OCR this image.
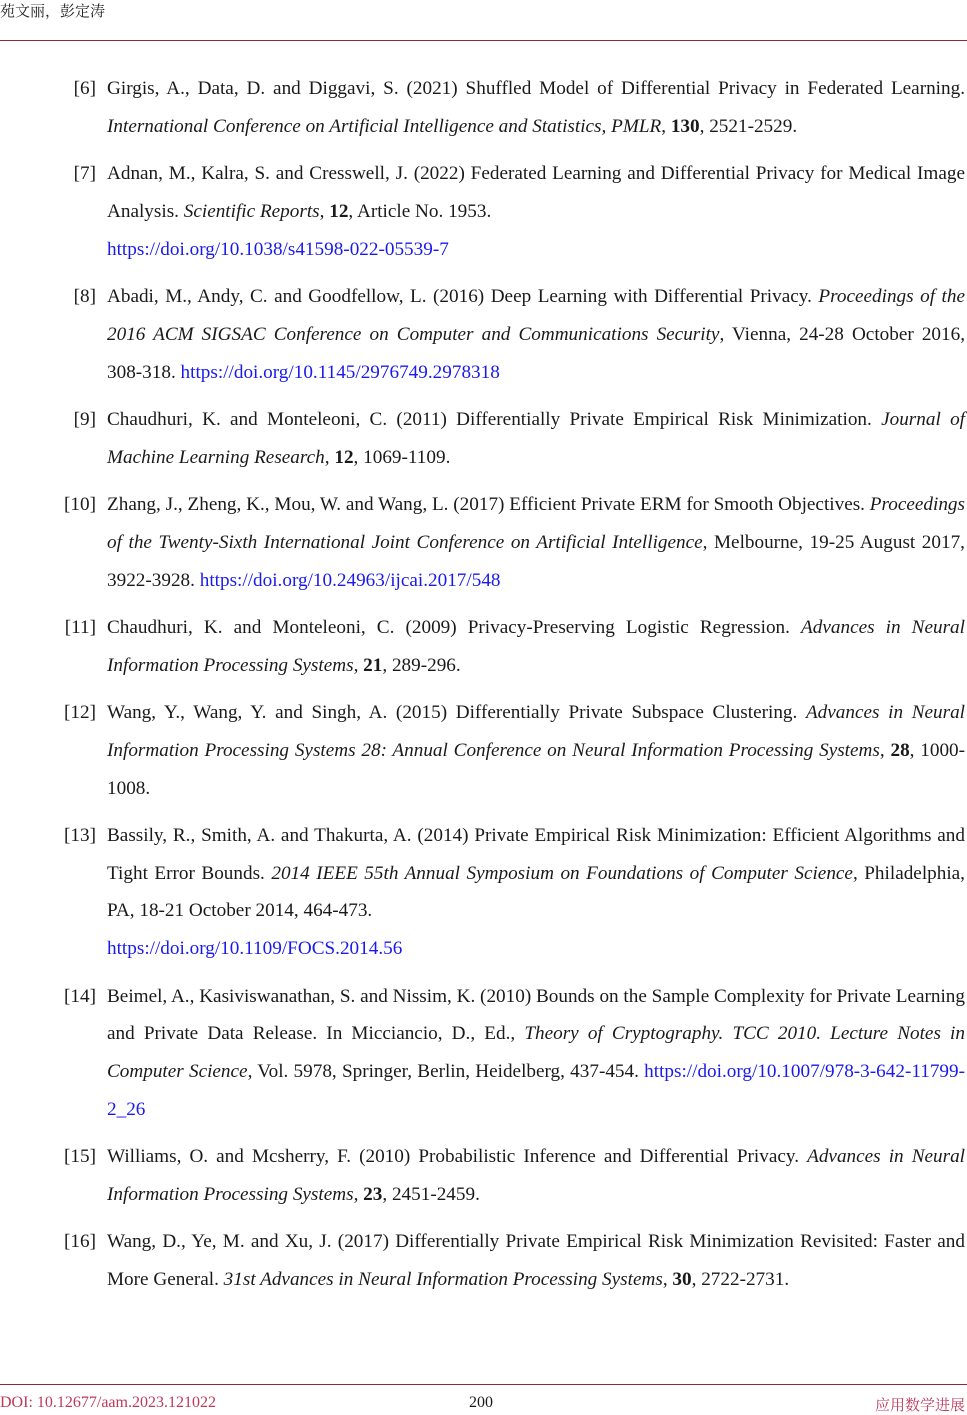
苑文丽，彭定涛
[6] Girgis, A., Data, D. and Diggavi, S. (2021) Shuffled Model of Differential Privacy in Federated Learning. International Conference on Artificial Intelligence and Statistics, PMLR, 130, 2521-2529.
[7] Adnan, M., Kalra, S. and Cresswell, J. (2022) Federated Learning and Differential Privacy for Medical Image Analysis. Scientific Reports, 12, Article No. 1953.
https://doi.org/10.1038/s41598-022-05539-7
[8] Abadi, M., Andy, C. and Goodfellow, L. (2016) Deep Learning with Differential Privacy. Proceedings of the 2016 ACM SIGSAC Conference on Computer and Communications Security, Vienna, 24-28 October 2016, 308-318. https://doi.org/10.1145/2976749.2978318
[9] Chaudhuri, K. and Monteleoni, C. (2011) Differentially Private Empirical Risk Minimization. Journal of Machine Learning Research, 12, 1069-1109.
[10] Zhang, J., Zheng, K., Mou, W. and Wang, L. (2017) Efficient Private ERM for Smooth Objectives. Proceedings of the Twenty-Sixth International Joint Conference on Artificial Intelligence, Melbourne, 19-25 August 2017, 3922-3928. https://doi.org/10.24963/ijcai.2017/548
[11] Chaudhuri, K. and Monteleoni, C. (2009) Privacy-Preserving Logistic Regression. Advances in Neural Information Processing Systems, 21, 289-296.
[12] Wang, Y., Wang, Y. and Singh, A. (2015) Differentially Private Subspace Clustering. Advances in Neural Information Processing Systems 28: Annual Conference on Neural Information Processing Systems, 28, 1000-1008.
[13] Bassily, R., Smith, A. and Thakurta, A. (2014) Private Empirical Risk Minimization: Efficient Algorithms and Tight Error Bounds. 2014 IEEE 55th Annual Symposium on Foundations of Computer Science, Philadelphia, PA, 18-21 October 2014, 464-473.
https://doi.org/10.1109/FOCS.2014.56
[14] Beimel, A., Kasiviswanathan, S. and Nissim, K. (2010) Bounds on the Sample Complexity for Private Learning and Private Data Release. In Micciancio, D., Ed., Theory of Cryptography. TCC 2010. Lecture Notes in Computer Science, Vol. 5978, Springer, Berlin, Heidelberg, 437-454. https://doi.org/10.1007/978-3-642-11799-2_26
[15] Williams, O. and Mcsherry, F. (2010) Probabilistic Inference and Differential Privacy. Advances in Neural Information Processing Systems, 23, 2451-2459.
[16] Wang, D., Ye, M. and Xu, J. (2017) Differentially Private Empirical Risk Minimization Revisited: Faster and More General. 31st Advances in Neural Information Processing Systems, 30, 2722-2731.
DOI: 10.12677/aam.2023.121022	200	应用数学进展
